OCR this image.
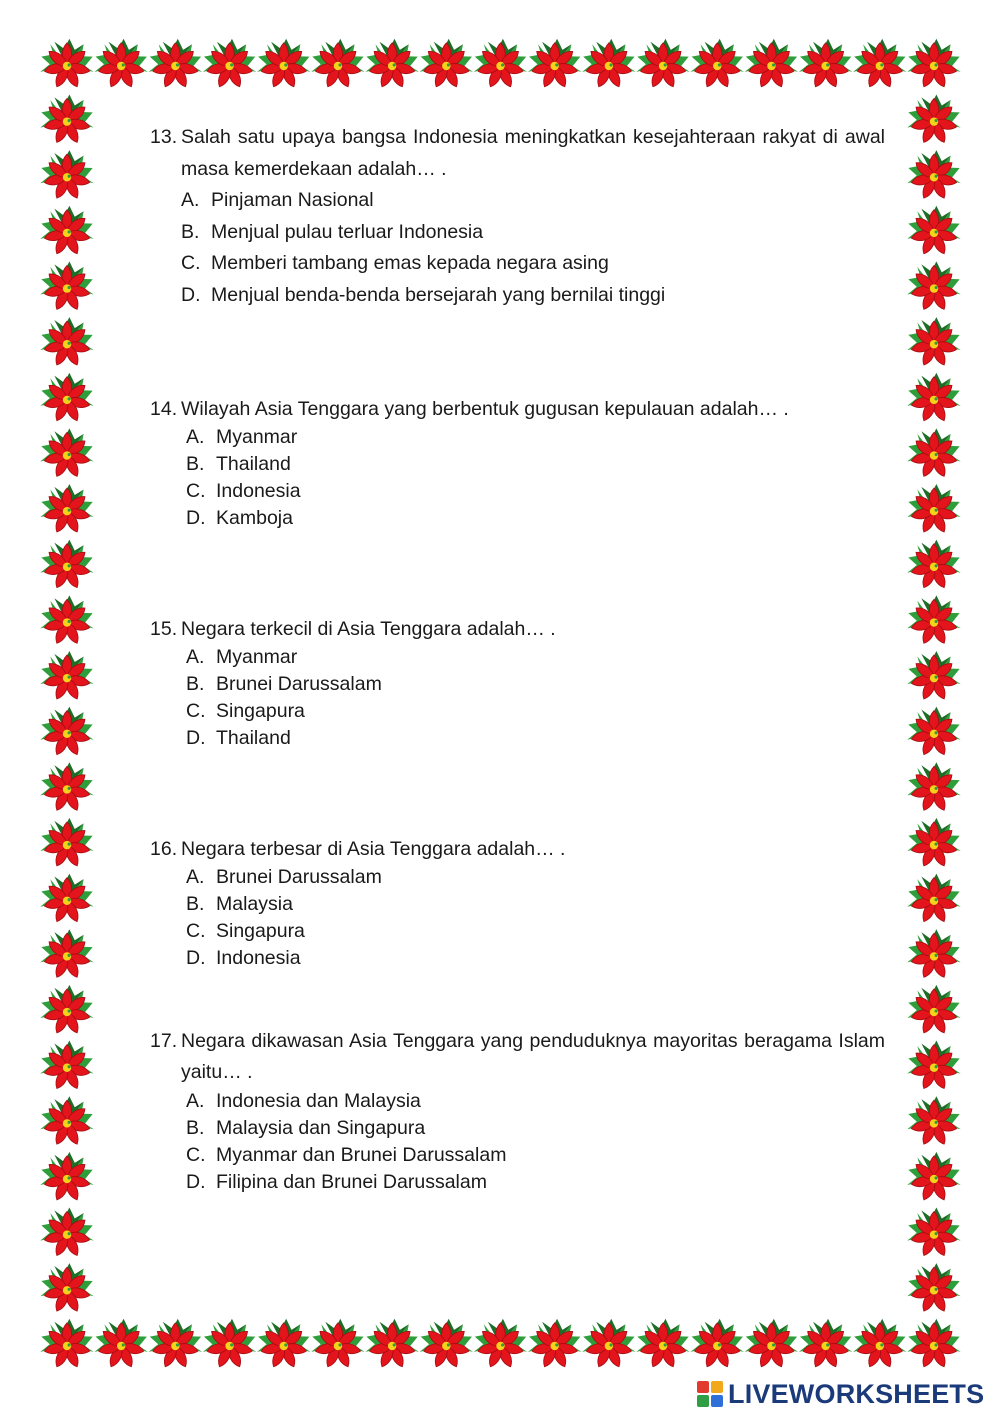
13. Salah satu upaya bangsa Indonesia meningkatkan kesejahteraan rakyat di awal
masa kemerdekaan adalah… .
A. Pinjaman Nasional
B. Menjual pulau terluar Indonesia
C. Memberi tambang emas kepada negara asing
D. Menjual benda-benda bersejarah yang bernilai tinggi
14. Wilayah Asia Tenggara yang berbentuk gugusan kepulauan adalah… .
A. Myanmar
B. Thailand
C. Indonesia
D. Kamboja
15. Negara terkecil di Asia Tenggara adalah… .
A. Myanmar
B. Brunei Darussalam
C. Singapura
D. Thailand
16. Negara terbesar di Asia Tenggara adalah… .
A. Brunei Darussalam
B. Malaysia
C. Singapura
D. Indonesia
17. Negara dikawasan Asia Tenggara yang penduduknya mayoritas beragama Islam
yaitu… .
A. Indonesia dan Malaysia
B. Malaysia dan Singapura
C. Myanmar dan Brunei Darussalam
D. Filipina dan Brunei Darussalam
LIVEWORKSHEETS
